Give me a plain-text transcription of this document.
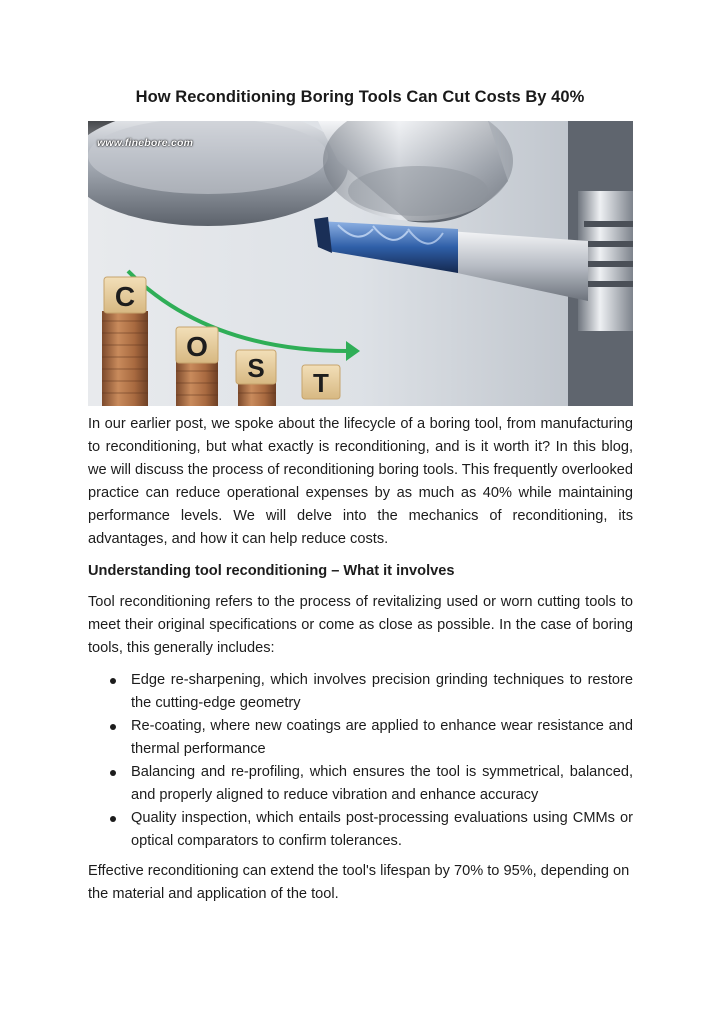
How Reconditioning Boring Tools Can Cut Costs By 40%
C
O
S T
www.finebore.com

In our earlier post, we spoke about the lifecycle of a boring tool, from manufacturing to reconditioning, but what exactly is reconditioning, and is it worth it? In this blog, we will discuss the process of reconditioning boring tools. This frequently overlooked practice can reduce operational expenses by as much as 40% while maintaining performance levels. We will delve into the mechanics of reconditioning, its advantages, and how it can help reduce costs.

Understanding tool reconditioning – What it involves

Tool reconditioning refers to the process of revitalizing used or worn cutting tools to meet their original specifications or come as close as possible. In the case of boring tools, this generally includes:

Edge re-sharpening, which involves precision grinding techniques to restore the cutting-edge geometry
Re-coating, where new coatings are applied to enhance wear resistance and thermal performance
Balancing and re-profiling, which ensures the tool is symmetrical, balanced, and properly aligned to reduce vibration and enhance accuracy
Quality inspection, which entails post-processing evaluations using CMMs or optical comparators to confirm tolerances.

Effective reconditioning can extend the tool's lifespan by 70% to 95%, depending on the material and application of the tool.
